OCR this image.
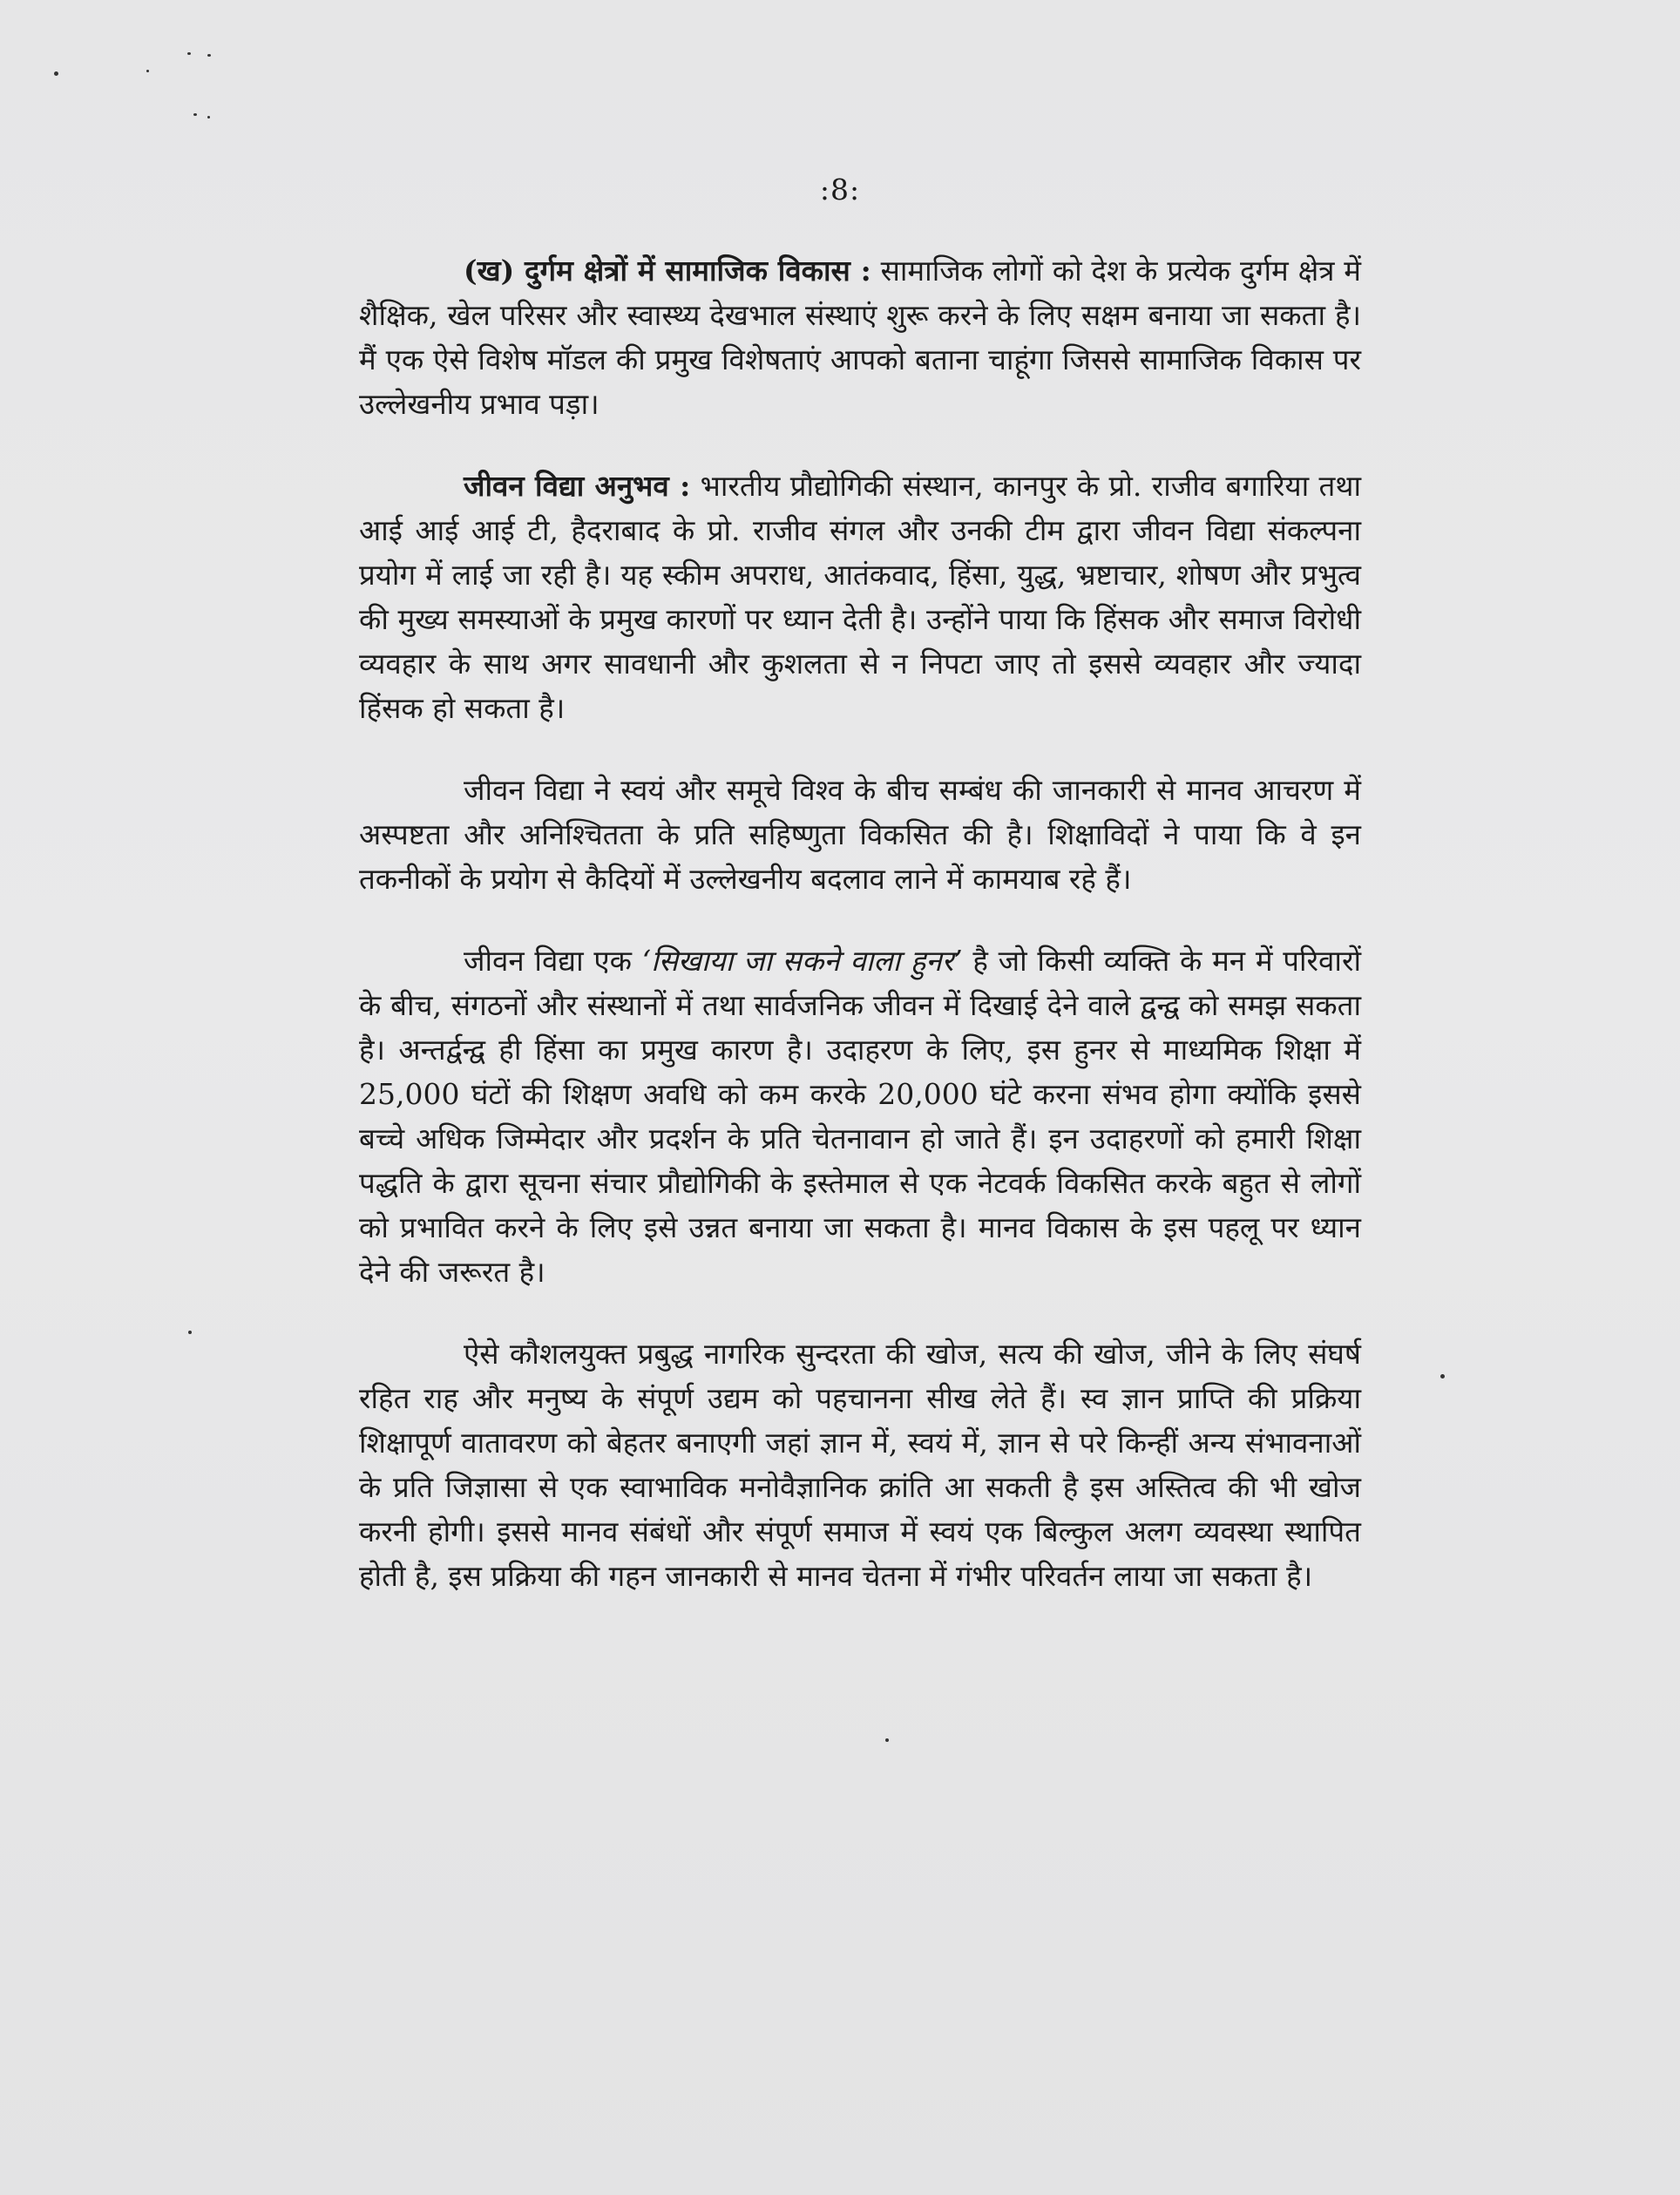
:8:

(ख) दुर्गम क्षेत्रों में सामाजिक विकास : सामाजिक लोगों को देश के प्रत्येक दुर्गम क्षेत्र में शैक्षिक, खेल परिसर और स्वास्थ्य देखभाल संस्थाएं शुरू करने के लिए सक्षम बनाया जा सकता है। मैं एक ऐसे विशेष मॉडल की प्रमुख विशेषताएं आपको बताना चाहूंगा जिससे सामाजिक विकास पर उल्लेखनीय प्रभाव पड़ा।

जीवन विद्या अनुभव : भारतीय प्रौद्योगिकी संस्थान, कानपुर के प्रो. राजीव बगारिया तथा आई आई आई टी, हैदराबाद के प्रो. राजीव संगल और उनकी टीम द्वारा जीवन विद्या संकल्पना प्रयोग में लाई जा रही है। यह स्कीम अपराध, आतंकवाद, हिंसा, युद्ध, भ्रष्टाचार, शोषण और प्रभुत्व की मुख्य समस्याओं के प्रमुख कारणों पर ध्यान देती है। उन्होंने पाया कि हिंसक और समाज विरोधी व्यवहार के साथ अगर सावधानी और कुशलता से न निपटा जाए तो इससे व्यवहार और ज्यादा हिंसक हो सकता है।

जीवन विद्या ने स्वयं और समूचे विश्व के बीच सम्बंध की जानकारी से मानव आचरण में अस्पष्टता और अनिश्चितता के प्रति सहिष्णुता विकसित की है। शिक्षाविदों ने पाया कि वे इन तकनीकों के प्रयोग से कैदियों में उल्लेखनीय बदलाव लाने में कामयाब रहे हैं।

जीवन विद्या एक ‘सिखाया जा सकने वाला हुनर’ है जो किसी व्यक्ति के मन में परिवारों के बीच, संगठनों और संस्थानों में तथा सार्वजनिक जीवन में दिखाई देने वाले द्वन्द्व को समझ सकता है। अन्तर्द्वन्द्व ही हिंसा का प्रमुख कारण है। उदाहरण के लिए, इस हुनर से माध्यमिक शिक्षा में 25,000 घंटों की शिक्षण अवधि को कम करके 20,000 घंटे करना संभव होगा क्योंकि इससे बच्चे अधिक जिम्मेदार और प्रदर्शन के प्रति चेतनावान हो जाते हैं। इन उदाहरणों को हमारी शिक्षा पद्धति के द्वारा सूचना संचार प्रौद्योगिकी के इस्तेमाल से एक नेटवर्क विकसित करके बहुत से लोगों को प्रभावित करने के लिए इसे उन्नत बनाया जा सकता है। मानव विकास के इस पहलू पर ध्यान देने की जरूरत है।

ऐसे कौशलयुक्त प्रबुद्ध नागरिक सुन्दरता की खोज, सत्य की खोज, जीने के लिए संघर्ष रहित राह और मनुष्य के संपूर्ण उद्यम को पहचानना सीख लेते हैं। स्व ज्ञान प्राप्ति की प्रक्रिया शिक्षापूर्ण वातावरण को बेहतर बनाएगी जहां ज्ञान में, स्वयं में, ज्ञान से परे किन्हीं अन्य संभावनाओं के प्रति जिज्ञासा से एक स्वाभाविक मनोवैज्ञानिक क्रांति आ सकती है इस अस्तित्व की भी खोज करनी होगी। इससे मानव संबंधों और संपूर्ण समाज में स्वयं एक बिल्कुल अलग व्यवस्था स्थापित होती है, इस प्रक्रिया की गहन जानकारी से मानव चेतना में गंभीर परिवर्तन लाया जा सकता है।
